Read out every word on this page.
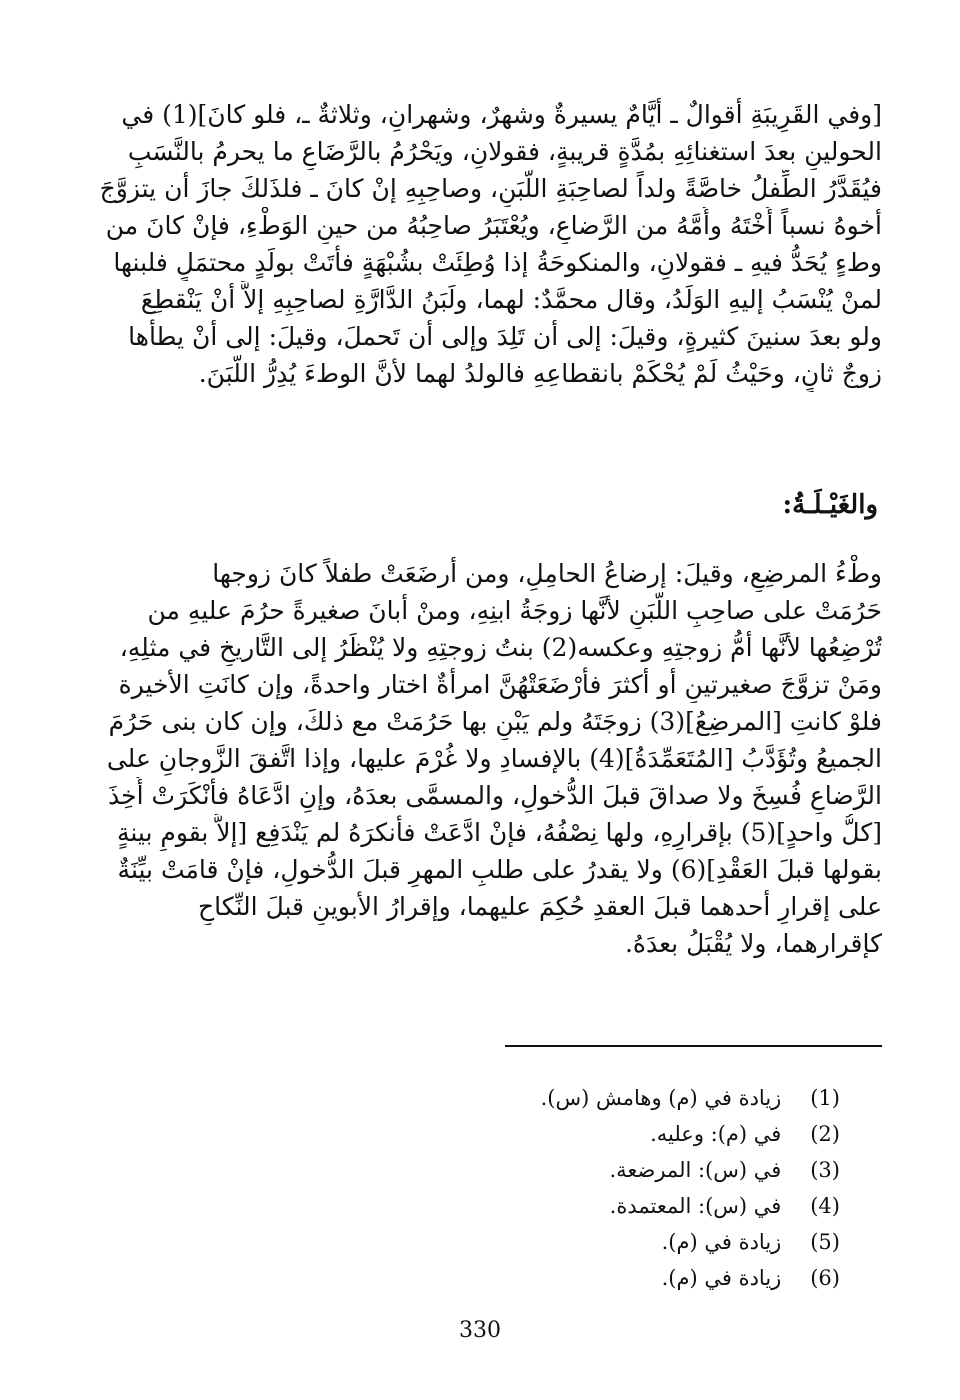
[وفي القَرِيبَةِ أقوالٌ ـ أيَّامٌ يسيرةٌ وشهرٌ، وشهرانِ، وثلاثةٌ ـ، فلو كانَ](1) في
الحولينِ بعدَ استغنائِهِ بمُدَّةٍ قريبةٍ، فقولانِ، ويَحْرُمُ بالرَّضَاعِ ما يحرمُ بالنَّسَبِ
فيُقَدَّرُ الطِّفلُ خاصَّةً ولداً لصاحِبَةِ اللَّبَنِ، وصاحِبِهِ إنْ كانَ ـ فلذَلكَ جازَ أن يتزوَّجَ
أخوهُ نسباً أُخْتَهُ وأُمَّهُ من الرَّضاعِ، ويُعْتَبَرُ صاحِبُهُ من حينِ الوَطْءِ، فإنْ كانَ من
وطءٍ يُحَدُّ فيهِ ـ فقولانِ، والمنكوحَةُ إذا وُطِئَتْ بشُبْهَةٍ فأَتَتْ بولَدٍ محتمَلٍ فلبنها
لمنْ يُنْسَبُ إليهِ الوَلَدُ، وقال محمَّدٌ: لهما، ولَبَنُ الدَّارَّةِ لصاحِبِهِ إلاَّ أنْ يَنْقطِعَ
ولو بعدَ سنينَ كثيرةٍ، وقيلَ: إلى أن تَلِدَ وإلى أن تَحملَ، وقيلَ: إلى أنْ يطأها
زوجٌ ثانٍ، وحَيْثُ لَمْ يُحْكَمْ بانقطاعِهِ فالولدُ لهما لأنَّ الوطءَ يُدِرُّ اللَّبَنَ.
والغَيْـلَـةُ:
وطْءُ المرضِعِ، وقيلَ: إرضاعُ الحامِلِ، ومن أرضَعَتْ طفلاً كانَ زوجها
حَرُمَتْ على صاحِبِ اللَّبَنِ لأنَّها زوجَةُ ابنِهِ، ومنْ أبانَ صغيرةً حرُمَ عليهِ من
تُرْضِعُها لأنَّها أمُّ زوجتِهِ وعكسه(2) بنتُ زوجتِهِ ولا يُنْظَرُ إلى التَّاريخِ في مثلِهِ،
ومَنْ تزوَّجَ صغيرتينِ أو أكثرَ فأرْضَعَتْهُنَّ امرأةٌ اختار واحدةً، وإن كانَتِ الأخيرة
فلوْ كانتِ [المرضِعُ](3) زوجَتَهُ ولم يَبْنِ بها حَرُمَتْ مع ذلكَ، وإن كان بنى حَرُمَ
الجميعُ وتُؤَدَّبُ [المُتَعَمِّدَةُ](4) بالإفسادِ ولا غُرْمَ عليها، وإذا اتَّفقَ الزَّوجانِ على
الرَّضاعِ فُسِخَ ولا صداقَ قبلَ الدُّخولِ، والمسمَّى بعدَهُ، وإنِ ادَّعَاهُ فأنْكَرَتْ أُخِذَ
[كلُّ واحدٍ](5) بإقرارِهِ، ولها نِصْفُهُ، فإنْ ادَّعَتْ فأنكرَهُ لم يَنْدَفِع [إلاَّ بقومٍ بينةٍ
بقولها قبلَ العَقْدِ](6) ولا يقدرُ على طلبِ المهرِ قبلَ الدُّخولِ، فإنْ قامَتْ بيِّنَةٌ
على إقرارِ أحدهما قبلَ العقدِ حُكِمَ عليهما، وإقرارُ الأبوينِ قبلَ النِّكاحِ
كإقرارهما، ولا يُقْبَلُ بعدَهُ.
(1) زيادة في (م) وهامش (س).
(2) في (م): وعليه.
(3) في (س): المرضعة.
(4) في (س): المعتمدة.
(5) زيادة في (م).
(6) زيادة في (م).
330
